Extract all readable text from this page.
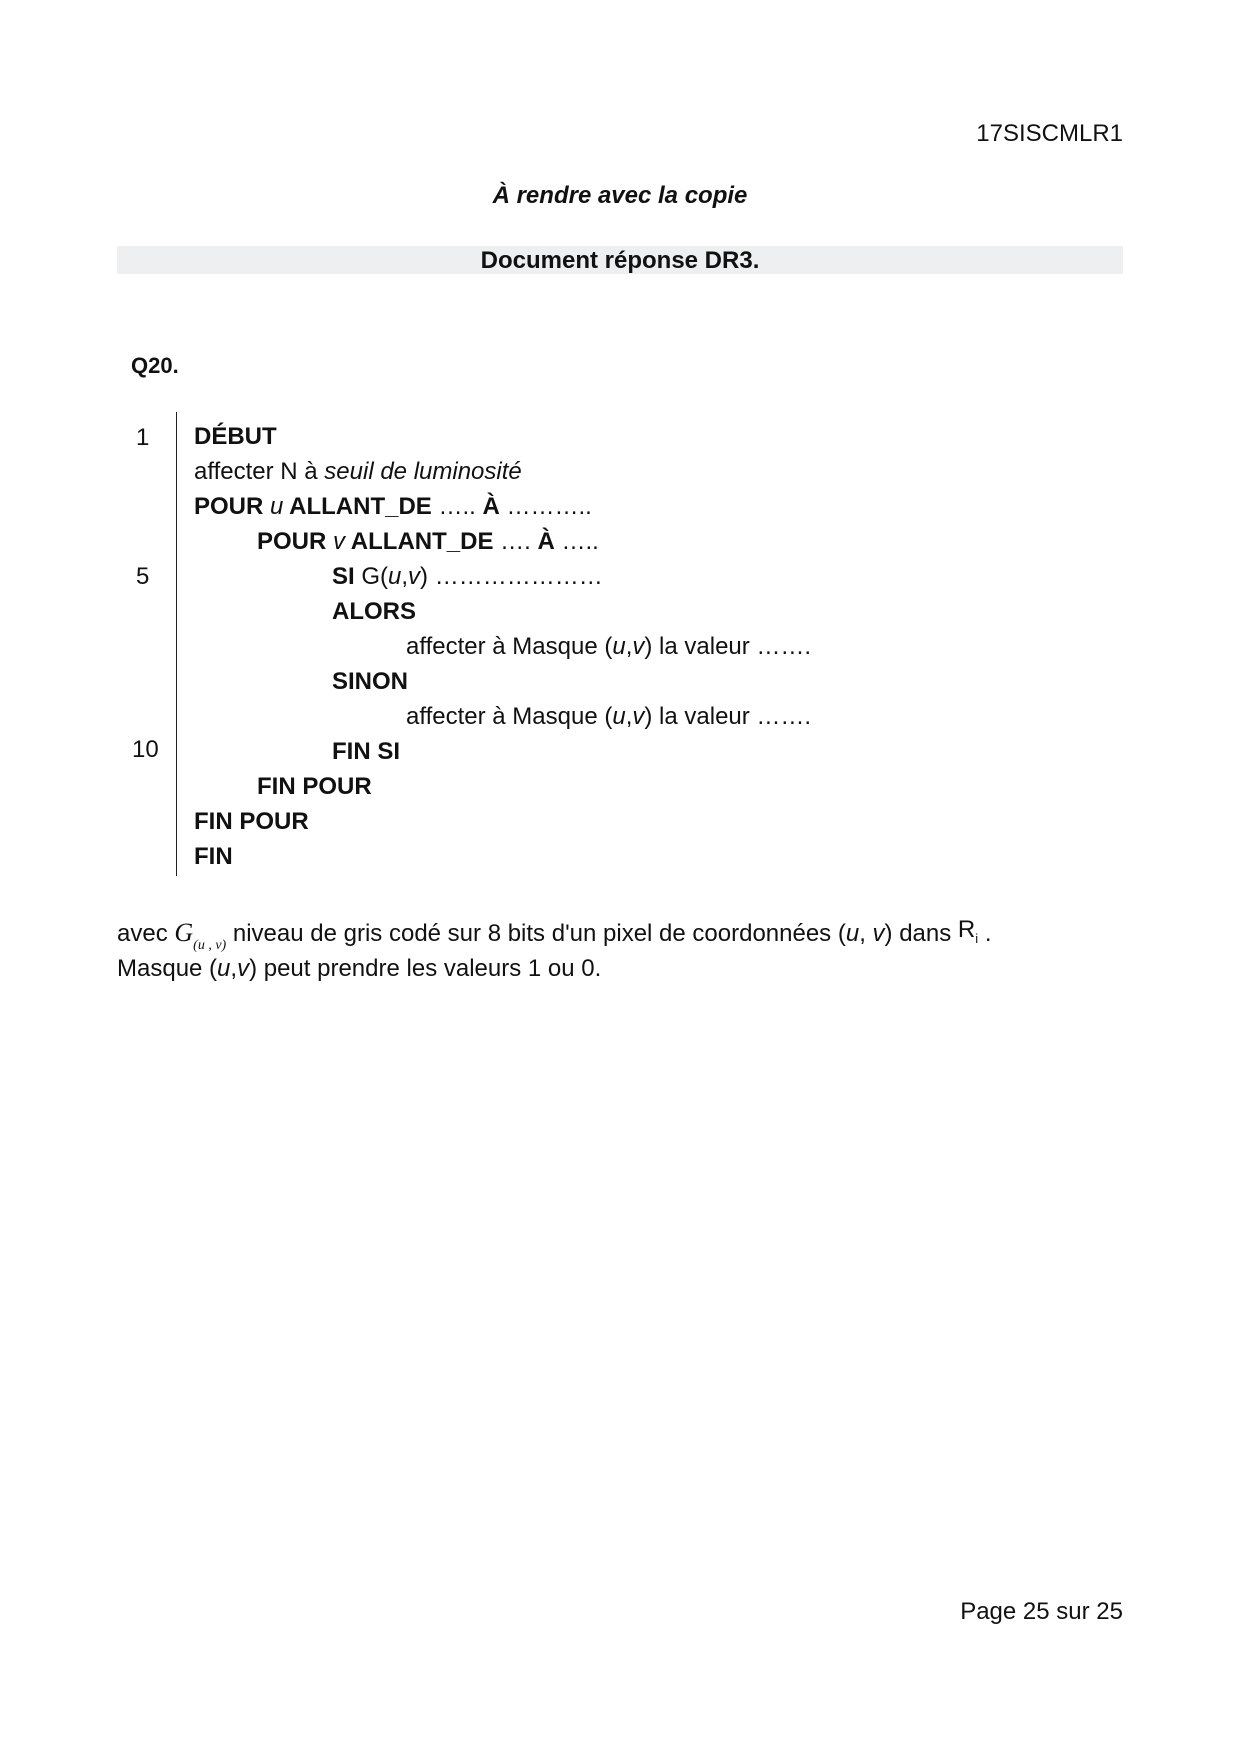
17SISCMLR1
À rendre avec la copie
Document réponse DR3.
Q20.
1
5
10
DÉBUT
affecter N à seuil de luminosité
POUR u ALLANT_DE ….. À ………..
POUR v ALLANT_DE …. À …..
SI G(u,v) …………………
ALORS
affecter à Masque (u,v) la valeur …….
SINON
affecter à Masque (u,v) la valeur …….
FIN SI
FIN POUR
FIN POUR
FIN
avec $G_{(u , v)}$ niveau de gris codé sur 8 bits d'un pixel de coordonnées (u, v) dans Ri .
Masque (u,v) peut prendre les valeurs 1 ou 0.
Page 25 sur 25
